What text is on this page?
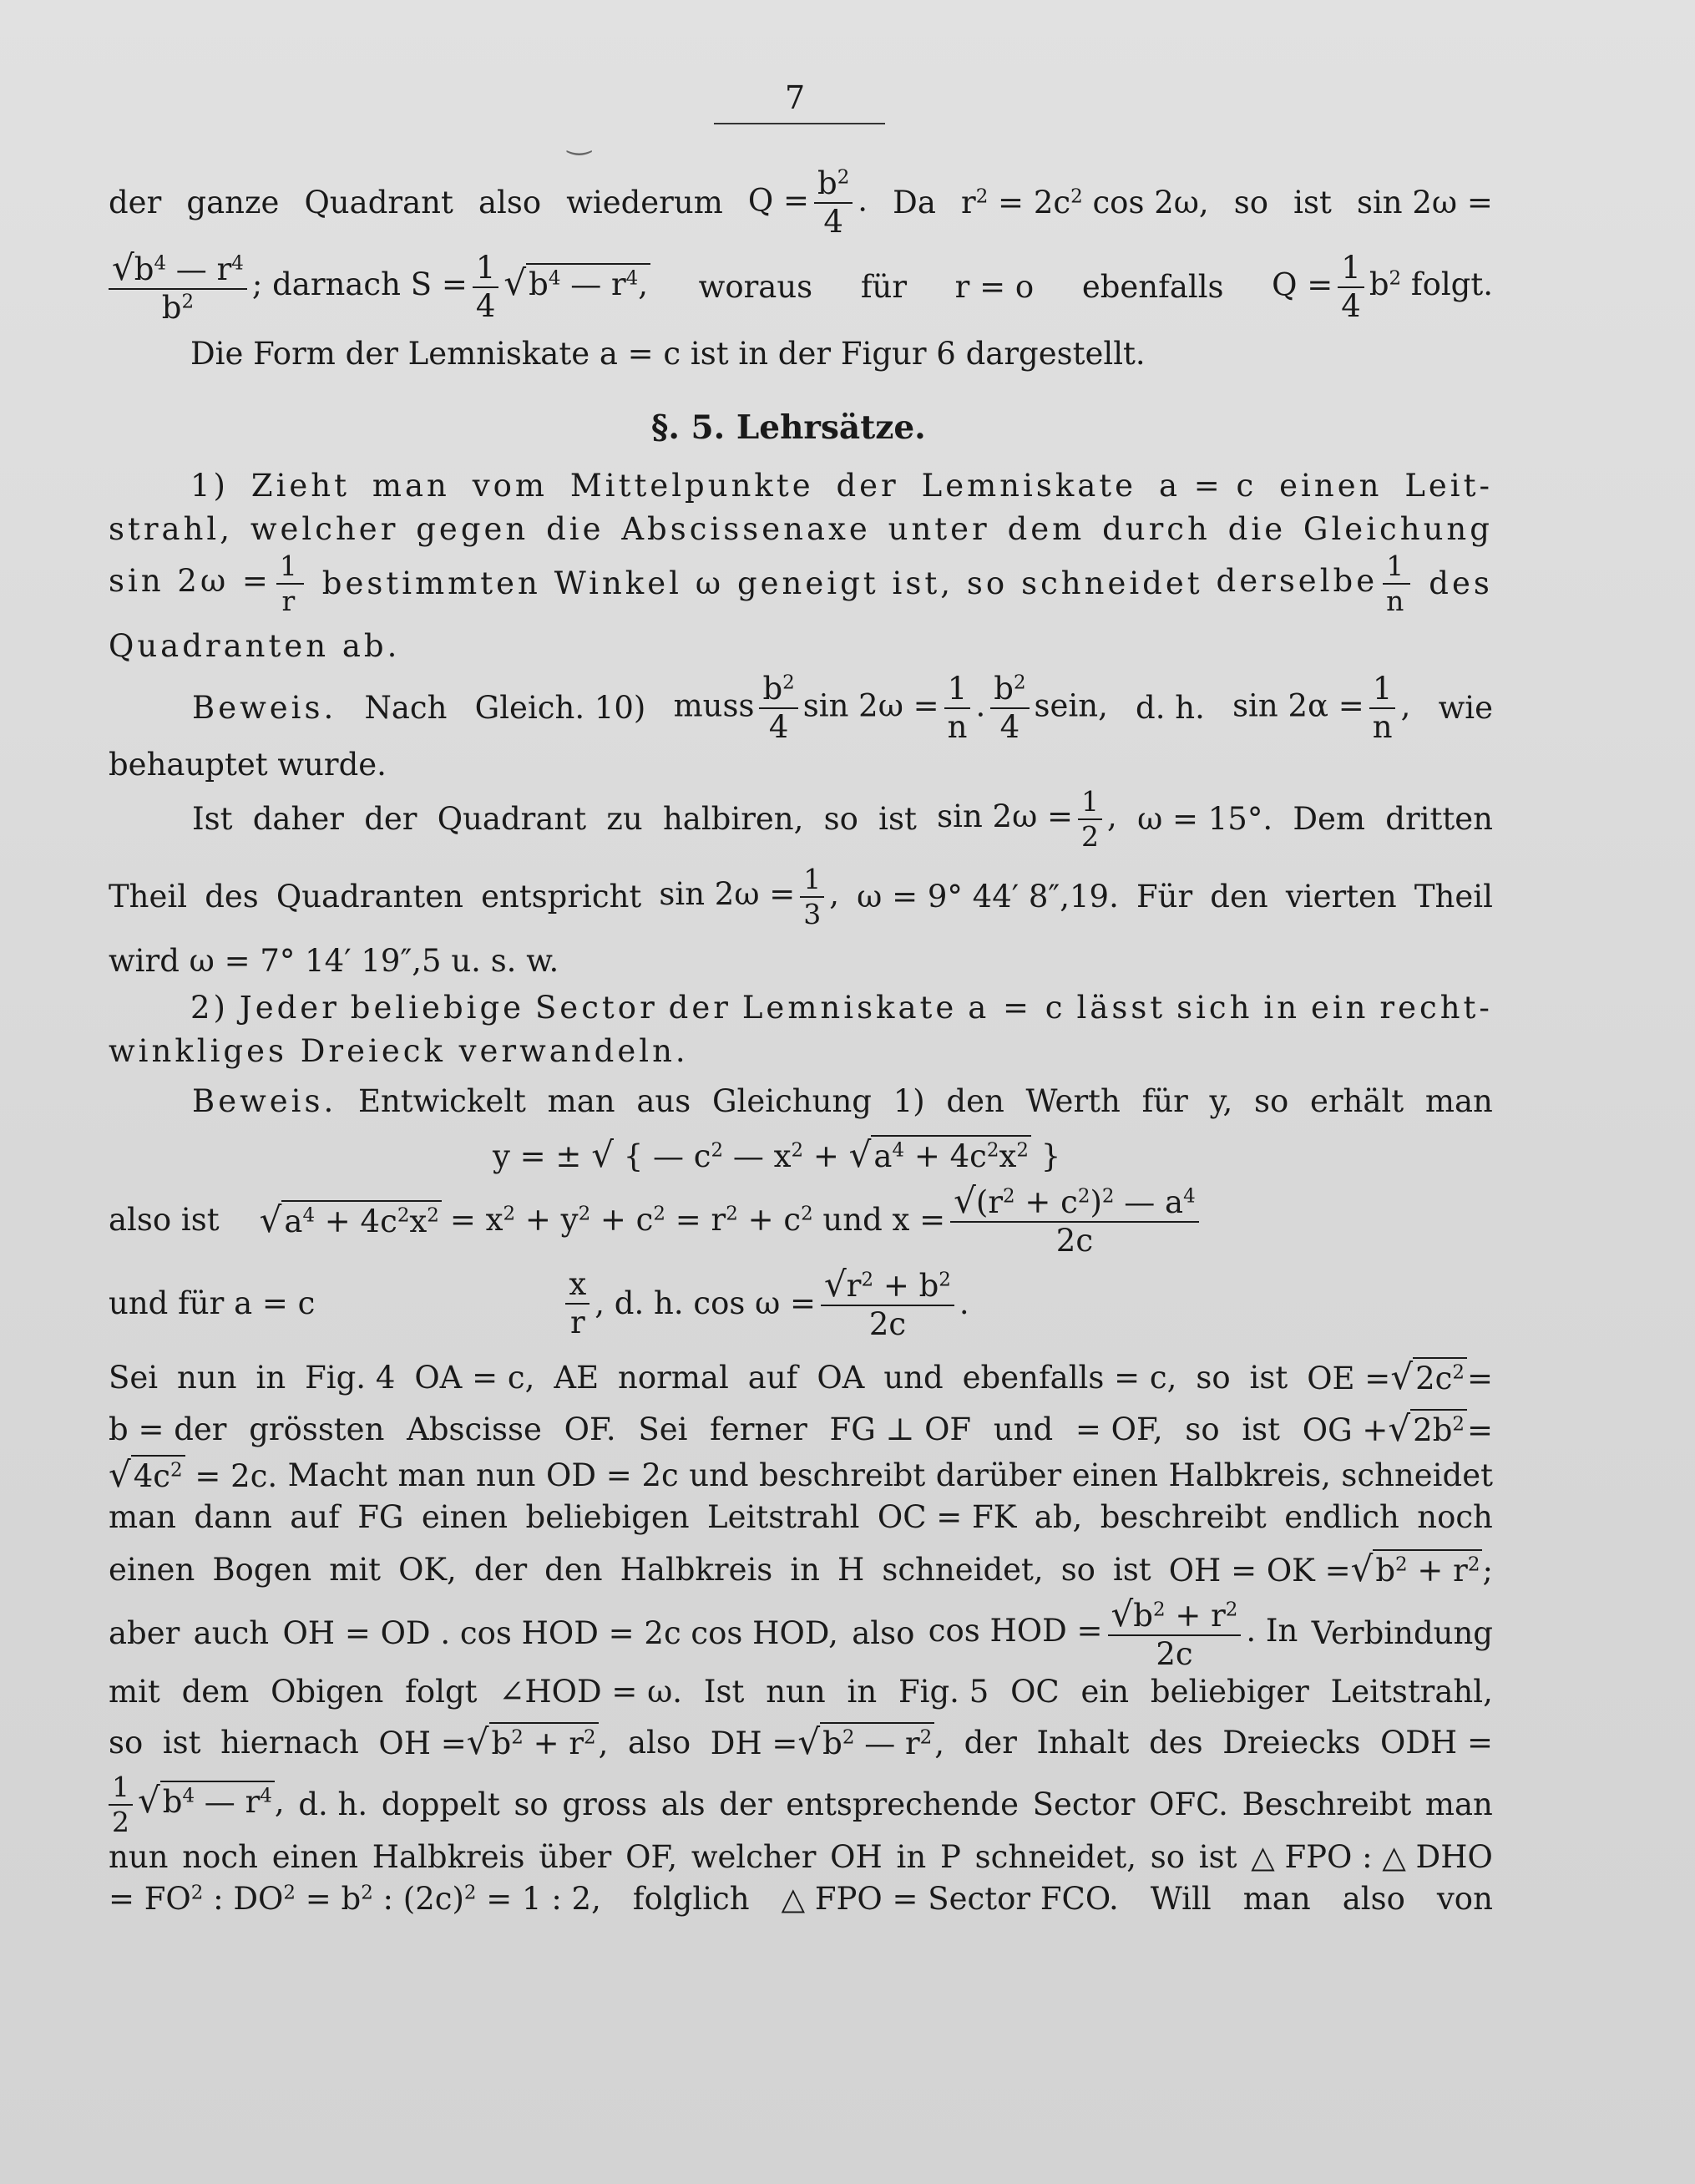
7
‿
der ganze Quadrant also wiederum $Q = \frac{b^2}{4}$ . Da $r^2 = 2c^2$ cos 2ω, so ist sin 2ω =
$\frac{√b^4 — r^4}{b^2}$ ; darnach $S = \frac{1}{4} √b^4$ — $r^4$, woraus für r = o ebenfalls $Q = \frac{1}{4} b^2$ folgt.
Die Form der Lemniskate a = c ist in der Figur 6 dargestellt.
§. 5. Lehrsätze.
1) Zieht man vom Mittelpunkte der Lemniskate a = c einen Leit-
strahl, welcher gegen die Abscissenaxe unter dem durch die Gleichung
$\sin 2\omega = \frac{1}{r}$ bestimmten Winkel ω geneigt ist, so schneidet derselbe $\frac{1}{n}$ des
Quadranten ab.
Beweis. Nach Gleich. 10) muss $\frac{b^2}{4}$ $\sin 2\omega = \frac{1}{n}$ . $\frac{b^2}{4}$ sein, d. h. $\sin 2\alpha = \frac{1}{n}$ , wie
behauptet wurde.
Ist daher der Quadrant zu halbiren, so ist $\sin 2\omega = \frac{1}{2}$ , ω = 15°. Dem dritten
Theil des Quadranten entspricht $\sin 2\omega = \frac{1}{3}$ , ω = 9° 44′ 8″,19. Für den vierten Theil
wird ω = 7° 14′ 19″,5 u. s. w.
2) Jeder beliebige Sector der Lemniskate a = c lässt sich in ein recht-
winkliges Dreieck verwandeln.
Beweis. Entwickelt man aus Gleichung 1) den Werth für y, so erhält man
y = ± √ { — $c^2$ — $x^2 + √a^4 + 4c^2x^2$ }
also ist $√a^4 + 4c^2x^2 = x^2 + y^2 + c^2 = r^2 + c^2$ und $x = \frac{√(r^2 + c^2)^2 — a^4}{2c}$
und für a = c	$\frac{x}{r}$ , d. h. $\cos \omega = \frac{√r^2 + b^2}{2c}$ .
Sei nun in Fig. 4 OA = c, AE normal auf OA und ebenfalls = c, so ist OE $=√2c^2=$
b = der grössten Abscisse OF. Sei ferner FG ⊥ OF und = OF, so ist OG $+√2b^2=$
$√4c^2 = 2c$. Macht man nun OD = 2c und beschreibt darüber einen Halbkreis, schneidet
man dann auf FG einen beliebigen Leitstrahl OC = FK ab, beschreibt endlich noch
einen Bogen mit OK, der den Halbkreis in H schneidet, so ist OH = OK $=√b^2 + r^2$;
aber auch OH = OD . cos HOD = 2c cos HOD, also cos HOD = $\frac{√b^2 + r^2}{2c}$ . In Verbindung
mit dem Obigen folgt ∠HOD = ω. Ist nun in Fig. 5 OC ein beliebiger Leitstrahl,
so ist hiernach OH $=√b^2 + r^2$, also DH $=√b^2$ — $r^2$, der Inhalt des Dreiecks ODH =
$\frac{1}{2} √b^4$ — $r^4$, d. h. doppelt so gross als der entsprechende Sector OFC. Beschreibt man
nun noch einen Halbkreis über OF, welcher OH in P schneidet, so ist △ FPO : △ DHO
= $FO^2$ : $DO^2 = b^2$ : $(2c)^2 = 1$ : 2, folglich △ FPO = Sector FCO. Will man also von
